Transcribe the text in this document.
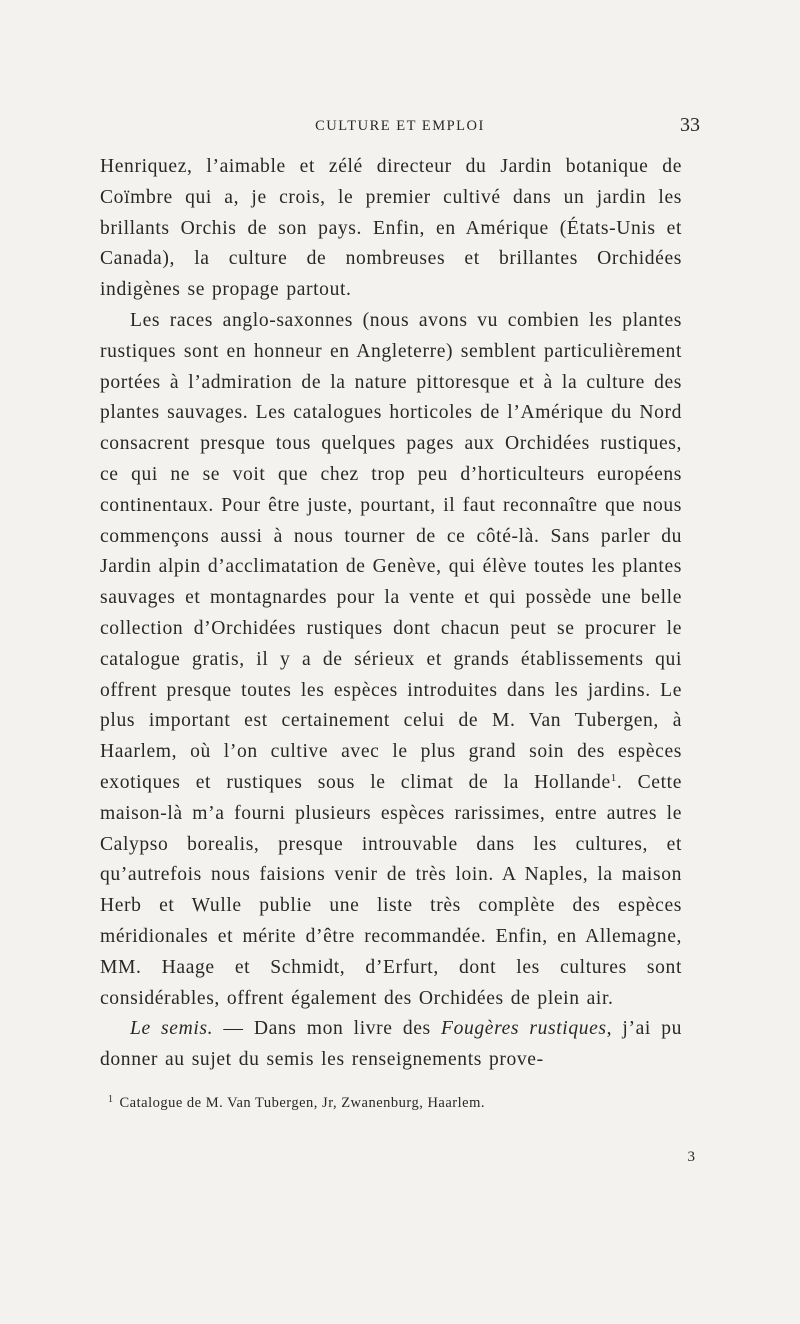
CULTURE ET EMPLOI	33

Henriquez, l’aimable et zélé directeur du Jardin botanique de Coïmbre qui a, je crois, le premier cultivé dans un jardin les brillants Orchis de son pays. Enfin, en Amérique (États-Unis et Canada), la culture de nombreuses et brillantes Orchidées indigènes se propage partout.

Les races anglo-saxonnes (nous avons vu combien les plantes rustiques sont en honneur en Angleterre) semblent particulièrement portées à l’admiration de la nature pittoresque et à la culture des plantes sauvages. Les catalogues horticoles de l’Amérique du Nord consacrent presque tous quelques pages aux Orchidées rustiques, ce qui ne se voit que chez trop peu d’horticulteurs européens continentaux. Pour être juste, pourtant, il faut reconnaître que nous commençons aussi à nous tourner de ce côté-là. Sans parler du Jardin alpin d’acclimatation de Genève, qui élève toutes les plantes sauvages et montagnardes pour la vente et qui possède une belle collection d’Orchidées rustiques dont chacun peut se procurer le catalogue gratis, il y a de sérieux et grands établissements qui offrent presque toutes les espèces introduites dans les jardins. Le plus important est certainement celui de M. Van Tubergen, à Haarlem, où l’on cultive avec le plus grand soin des espèces exotiques et rustiques sous le climat de la Hollande$^1$. Cette maison-là m’a fourni plusieurs espèces rarissimes, entre autres le Calypso borealis, presque introuvable dans les cultures, et qu’autrefois nous faisions venir de très loin. A Naples, la maison Herb et Wulle publie une liste très complète des espèces méridionales et mérite d’être recommandée. Enfin, en Allemagne, MM. Haage et Schmidt, d’Erfurt, dont les cultures sont considérables, offrent également des Orchidées de plein air.

Le semis. — Dans mon livre des Fougères rustiques, j’ai pu donner au sujet du semis les renseignements prove-

$^1$ Catalogue de M. Van Tubergen, Jr, Zwanenburg, Haarlem.
3
